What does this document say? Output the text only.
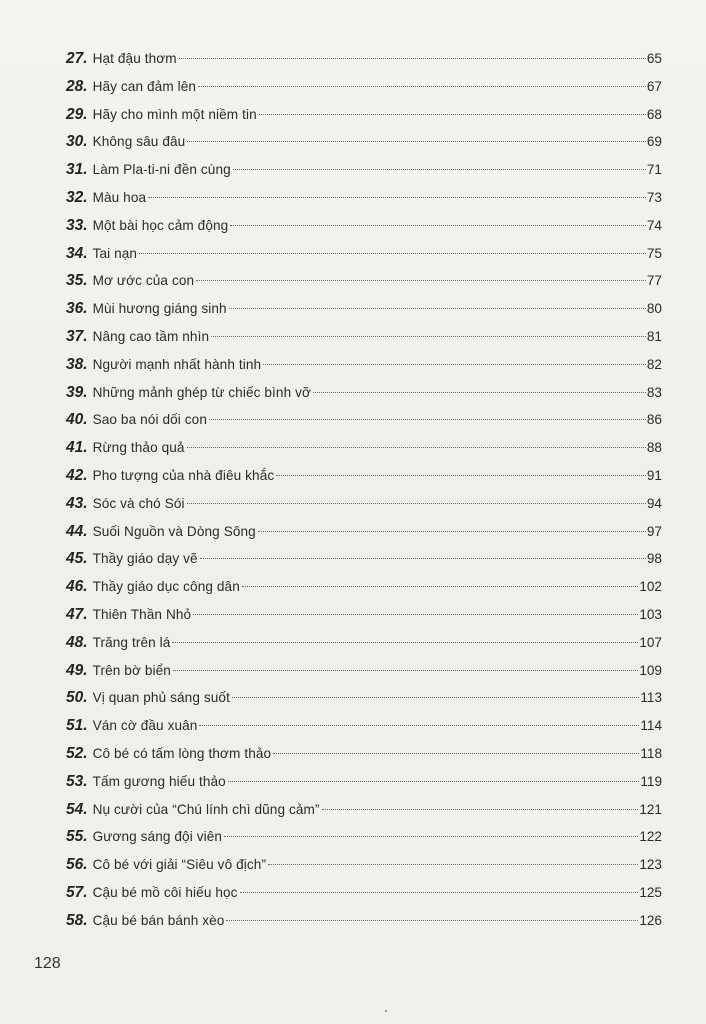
27. Hạt đậu thơm	65
28. Hãy can đảm lên	67
29. Hãy cho mình một niềm tin	68
30. Không sâu đâu	69
31. Làm Pla-ti-ni đền cùng	71
32. Màu hoa	73
33. Một bài học cảm động	74
34. Tai nạn	75
35. Mơ ước của con	77
36. Mùi hương giáng sinh	80
37. Nâng cao tầm nhìn	81
38. Người mạnh nhất hành tinh	82
39. Những mảnh ghép từ chiếc bình vỡ	83
40. Sao ba nói dối con	86
41. Rừng thảo quả	88
42. Pho tượng của nhà điêu khắc	91
43. Sóc và chó Sói	94
44. Suối Nguồn và Dòng Sông	97
45. Thầy giáo dạy vẽ	98
46. Thầy giáo dục công dân	102
47. Thiên Thần Nhỏ	103
48. Trăng trên lá	107
49. Trên bờ biển	109
50. Vị quan phủ sáng suốt	113
51. Ván cờ đầu xuân	114
52. Cô bé có tấm lòng thơm thảo	118
53. Tấm gương hiếu thảo	119
54. Nụ cười của “Chú lính chì dũng cảm”	121
55. Gương sáng đội viên	122
56. Cô bé với giải “Siêu vô địch”	123
57. Cậu bé mồ côi hiếu học	125
58. Cậu bé bán bánh xèo	126
128
